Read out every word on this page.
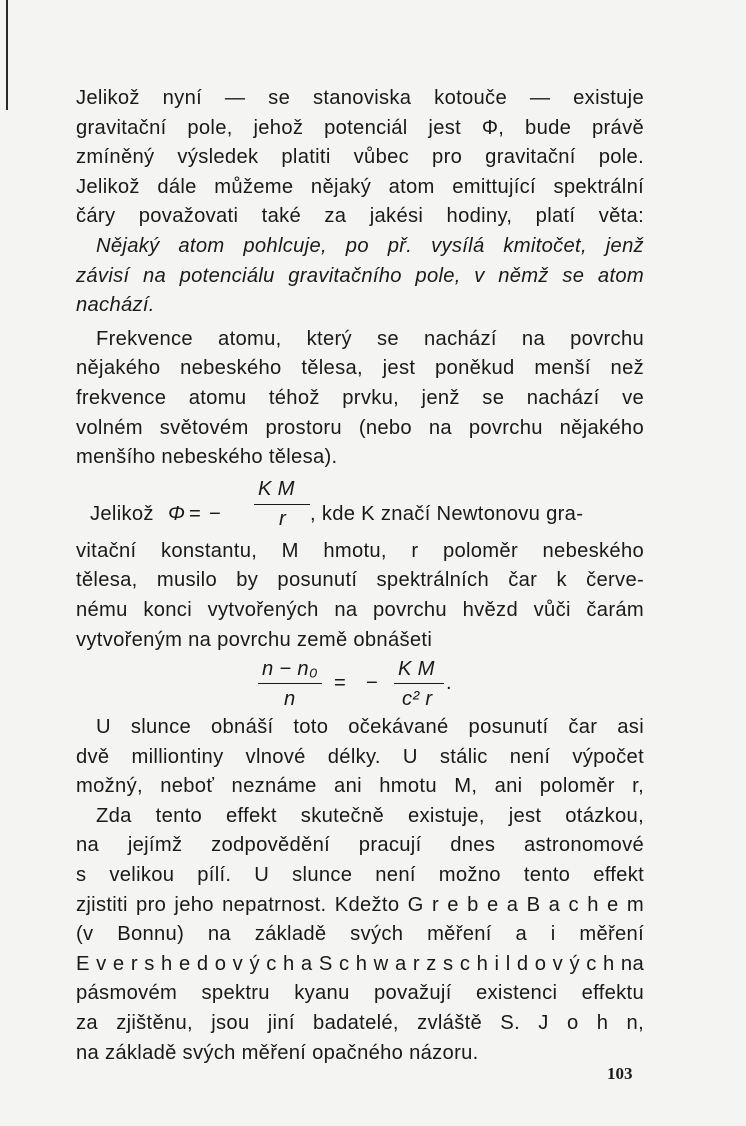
Jelikož nyní — se stanoviska kotouče — existuje
gravitační pole, jehož potenciál jest Φ, bude právě
zmíněný výsledek platiti vůbec pro gravitační pole.
Jelikož dále můžeme nějaký atom emittující spektrální
čáry považovati také za jakési hodiny, platí věta:
Nějaký atom pohlcuje, po př. vysílá kmitočet, jenž
závisí na potenciálu gravitačního pole, v němž se atom
nachází.
Frekvence atomu, který se nachází na povrchu
nějakého nebeského tělesa, jest poněkud menší než
frekvence atomu téhož prvku, jenž se nachází ve
volném světovém prostoru (nebo na povrchu nějakého
menšího nebeského tělesa).
Jelikož Φ = −
K M
r , kde K značí Newtonovu gra-
vitační konstantu, M hmotu, r poloměr nebeského
tělesa, musilo by posunutí spektrálních čar k červe-
nému konci vytvořených na povrchu hvězd vůči čarám
vytvořeným na povrchu země obnášeti
n − n₀
n
= −
K M
c² r
.
U slunce obnáší toto očekávané posunutí čar asi
dvě milliontiny vlnové délky. U stálic není výpočet
možný, neboť neznáme ani hmotu M, ani poloměr r,
Zda tento effekt skutečně existuje, jest otázkou,
na jejímž zodpovědění pracují dnes astronomové
s velikou pílí. U slunce není možno tento effekt
zjistiti pro jeho nepatrnost. Kdežto G r e b e a B a c h e m
(v Bonnu) na základě svých měření a i měření
E v e r s h e d o v ý c h a S c h w a r z s c h i l d o v ý c h na
pásmovém spektru kyanu považují existenci effektu
za zjištěnu, jsou jiní badatelé, zvláště S. J o h n,
na základě svých měření opačného názoru.
103
